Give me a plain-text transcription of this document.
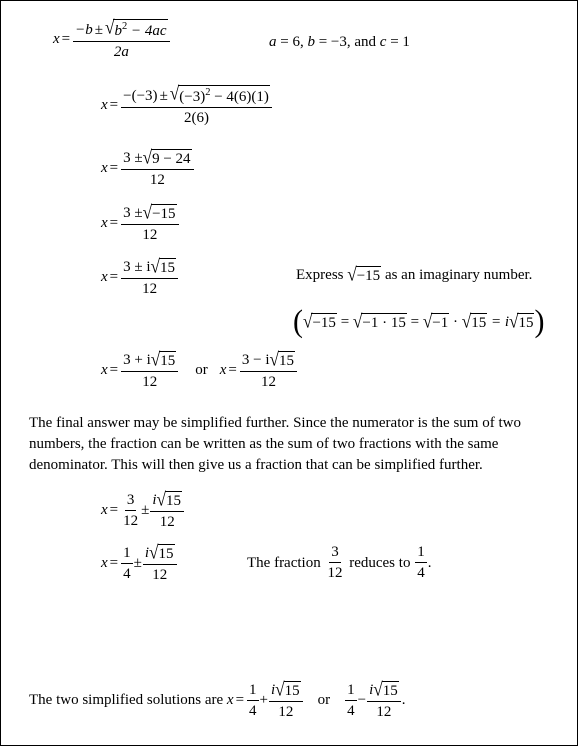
$x = \frac{-b \pm √ b^2 - 4ac}{2a}$	a = 6, b = −3, and c = 1
x =
−(−3) ± √ $(-3)^2 - 4(6)(1)$
2(6)
$x = \frac{3 \pm √ 9 - 24}{12}$
$x = \frac{3 \pm √ -15}{12}$
$x = \frac{3 \pm i √ 15}{12}$	Express √ −15 as an imaginary number.
( √ −15 = √ −1 · 15 = √ −1 · √ 15 = i √ 15 )
$x = \frac{3 + i √ 15}{12}$ or $x = \frac{3 - i √ 15}{12}$
The final answer may be simplified further. Since the numerator is the sum of two numbers, the fraction can be written as the sum of two fractions with the same denominator. This will then give us a fraction that can be simplified further.
$x = \frac{3}{12} \pm \frac{i √ 15}{12}$
$x = \frac{1}{4} \pm \frac{i √ 15}{12}$	The fraction $\frac{3}{12}$ reduces to $\frac{1}{4}$ .
The two simplified solutions are $x = \frac{1}{4} + \frac{i √ 15}{12}$ or $\frac{1}{4} - \frac{i √ 15}{12}$ .
